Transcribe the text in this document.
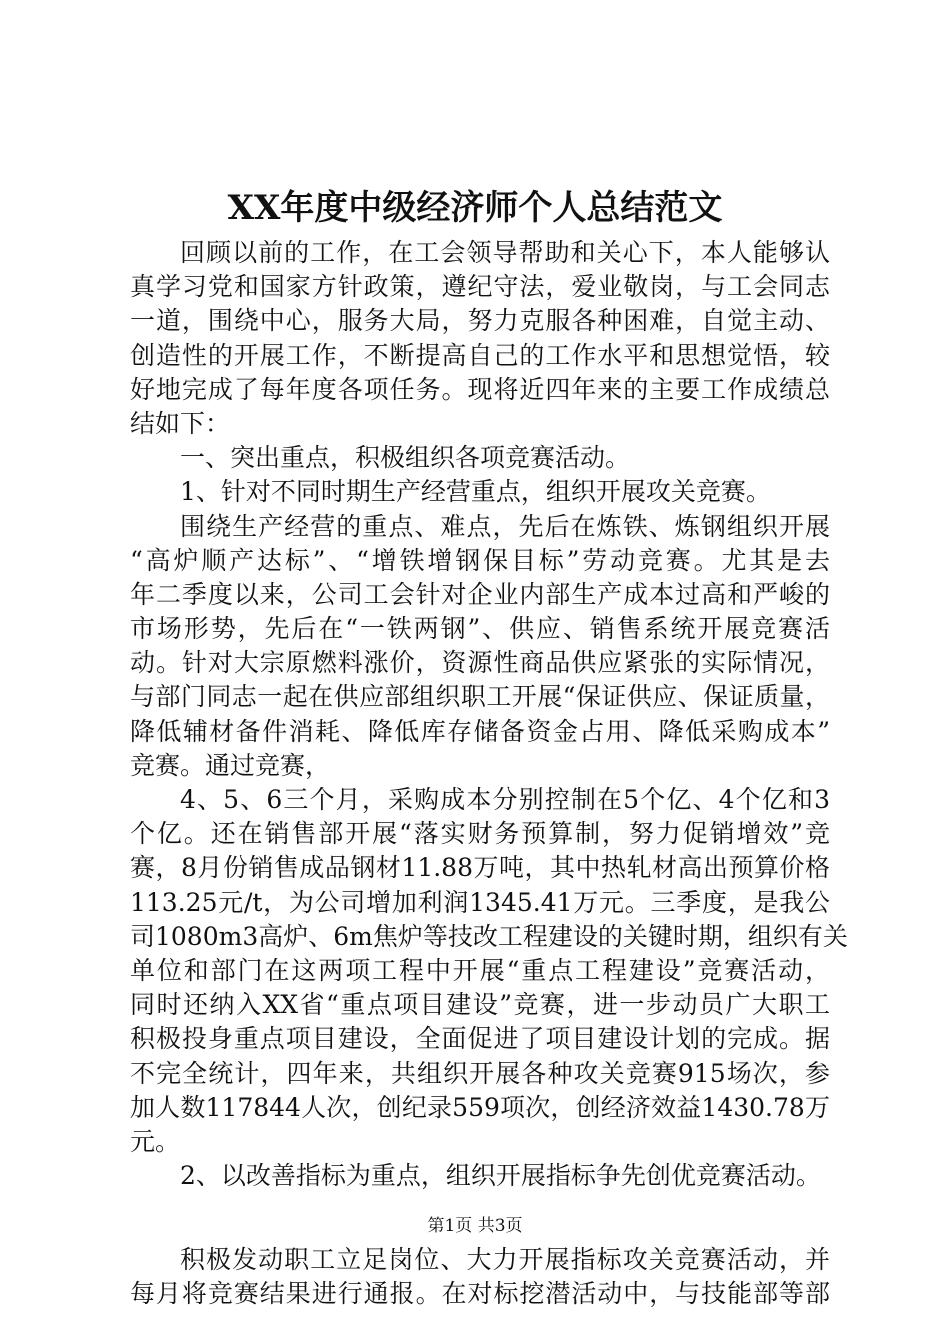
XX年度中级经济师个人总结范文
回顾以前的工作，在工会领导帮助和关心下，本人能够认
真学习党和国家方针政策，遵纪守法，爱业敬岗，与工会同志
一道，围绕中心，服务大局，努力克服各种困难，自觉主动、
创造性的开展工作，不断提高自己的工作水平和思想觉悟，较
好地完成了每年度各项任务。现将近四年来的主要工作成绩总
结如下：
一、突出重点，积极组织各项竞赛活动。
1、针对不同时期生产经营重点，组织开展攻关竞赛。
围绕生产经营的重点、难点，先后在炼铁、炼钢组织开展
“高炉顺产达标”、“增铁增钢保目标”劳动竞赛。尤其是去
年二季度以来，公司工会针对企业内部生产成本过高和严峻的
市场形势，先后在“一铁两钢”、供应、销售系统开展竞赛活
动。针对大宗原燃料涨价，资源性商品供应紧张的实际情况，
与部门同志一起在供应部组织职工开展“保证供应、保证质量，
降低辅材备件消耗、降低库存储备资金占用、降低采购成本”
竞赛。通过竞赛，
4、5、6三个月，采购成本分别控制在5个亿、4个亿和3
个亿。还在销售部开展“落实财务预算制，努力促销增效”竞
赛，8月份销售成品钢材11.88万吨，其中热轧材高出预算价格
113.25元/t，为公司增加利润1345.41万元。三季度，是我公
司1080m3高炉、6m焦炉等技改工程建设的关键时期，组织有关
单位和部门在这两项工程中开展“重点工程建设”竞赛活动，
同时还纳入XX省“重点项目建设”竞赛，进一步动员广大职工
积极投身重点项目建设，全面促进了项目建设计划的完成。据
不完全统计，四年来，共组织开展各种攻关竞赛915场次，参
加人数117844人次，创纪录559项次，创经济效益1430.78万
元。
2、以改善指标为重点，组织开展指标争先创优竞赛活动。
积极发动职工立足岗位、大力开展指标攻关竞赛活动，并
每月将竞赛结果进行通报。在对标挖潜活动中，与技能部等部
第1页 共3页
